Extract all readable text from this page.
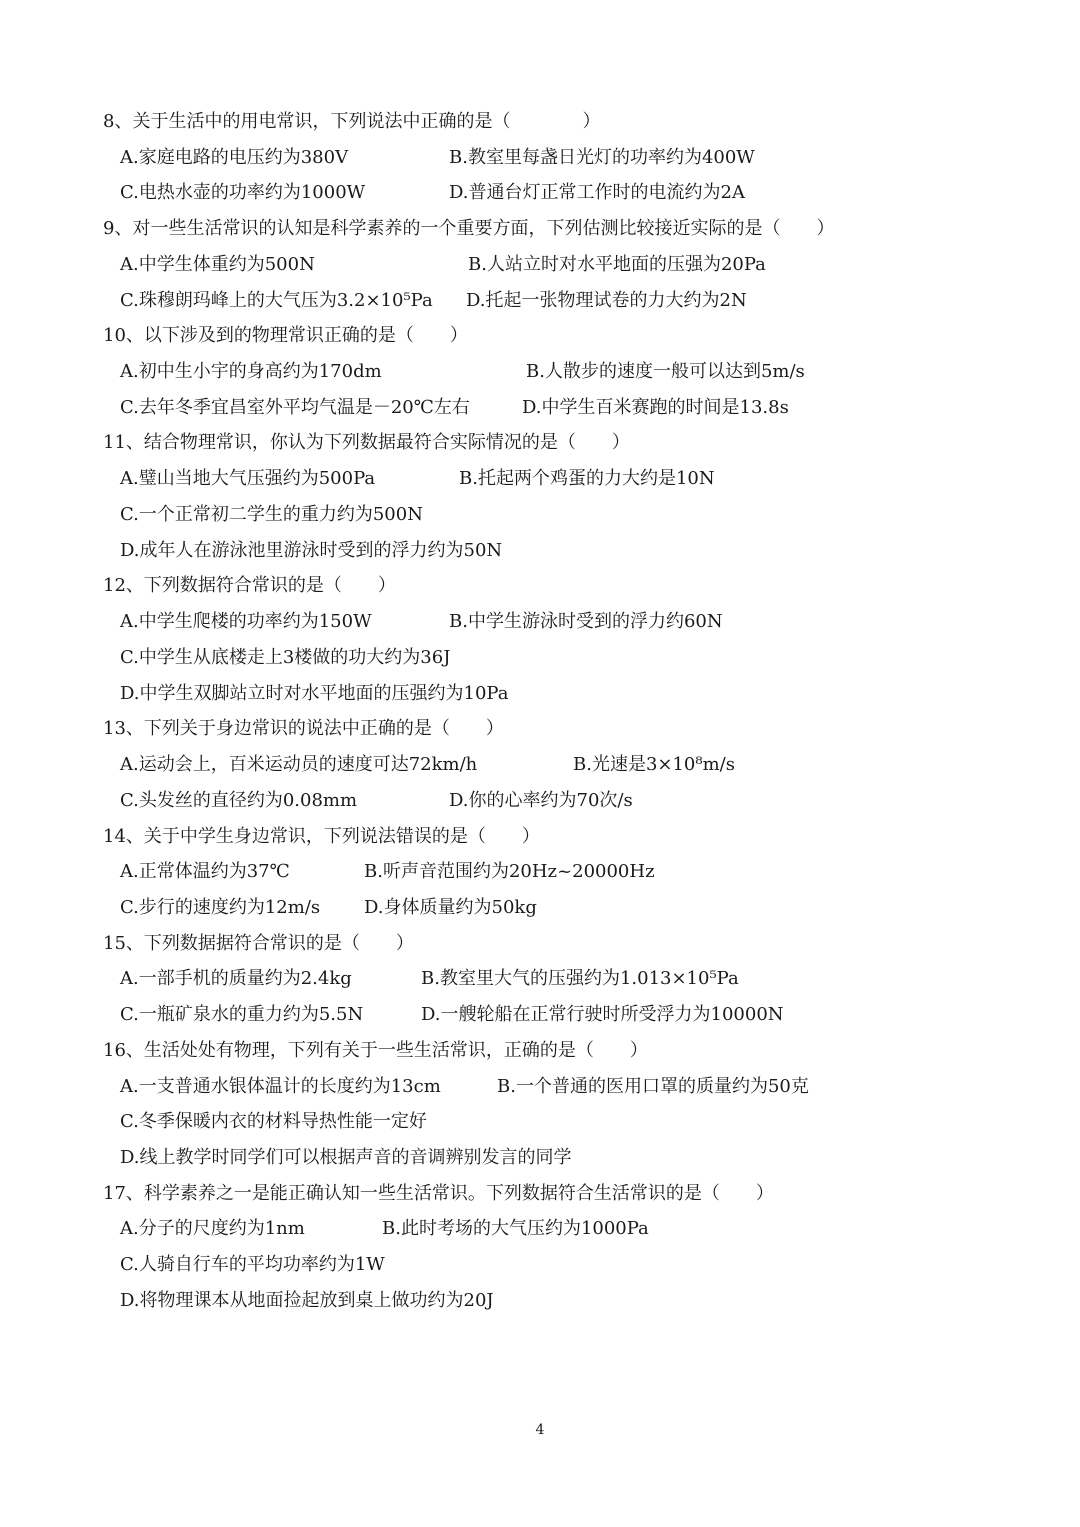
8、关于生活中的用电常识，下列说法中正确的是（　　　　）
A.家庭电路的电压约为380V	B.教室里每盏日光灯的功率约为400W
C.电热水壶的功率约为1000W	D.普通台灯正常工作时的电流约为2A
9、对一些生活常识的认知是科学素养的一个重要方面，下列估测比较接近实际的是（　　）
A.中学生体重约为500N	B.人站立时对水平地面的压强为20Pa
C.珠穆朗玛峰上的大气压为3.2×10⁵Pa D.托起一张物理试卷的力大约为2N
10、以下涉及到的物理常识正确的是（　　）
A.初中生小宇的身高约为170dm	B.人散步的速度一般可以达到5m/s
C.去年冬季宜昌室外平均气温是－20℃左右	D.中学生百米赛跑的时间是13.8s
11、结合物理常识，你认为下列数据最符合实际情况的是（　　）
A.璧山当地大气压强约为500Pa	B.托起两个鸡蛋的力大约是10N
C.一个正常初二学生的重力约为500N
D.成年人在游泳池里游泳时受到的浮力约为50N
12、下列数据符合常识的是（　　）
A.中学生爬楼的功率约为150W	B.中学生游泳时受到的浮力约60N
C.中学生从底楼走上3楼做的功大约为36J
D.中学生双脚站立时对水平地面的压强约为10Pa
13、下列关于身边常识的说法中正确的是（　　）
A.运动会上，百米运动员的速度可达72km/h	B.光速是3×10⁸m/s
C.头发丝的直径约为0.08mm	D.你的心率约为70次/s
14、关于中学生身边常识，下列说法错误的是（　　）
A.正常体温约为37℃	B.听声音范围约为20Hz~20000Hz
C.步行的速度约为12m/s D.身体质量约为50kg
15、下列数据据符合常识的是（　　）
A.一部手机的质量约为2.4kg	B.教室里大气的压强约为1.013×10⁵Pa
C.一瓶矿泉水的重力约为5.5N	D.一艘轮船在正常行驶时所受浮力为10000N
16、生活处处有物理，下列有关于一些生活常识，正确的是（　　）
A.一支普通水银体温计的长度约为13cm	B.一个普通的医用口罩的质量约为50克
C.冬季保暖内衣的材料导热性能一定好
D.线上教学时同学们可以根据声音的音调辨别发言的同学
17、科学素养之一是能正确认知一些生活常识。下列数据符合生活常识的是（　　）
A.分子的尺度约为1nm	B.此时考场的大气压约为1000Pa
C.人骑自行车的平均功率约为1W
D.将物理课本从地面捡起放到桌上做功约为20J
4
